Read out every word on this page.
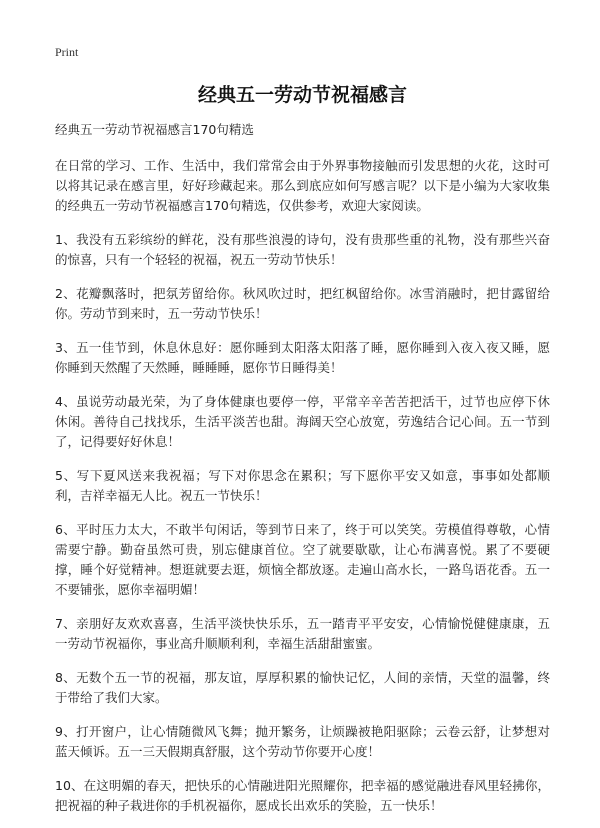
Print
经典五一劳动节祝福感言

经典五一劳动节祝福感言170句精选

在日常的学习、工作、生活中，我们常常会由于外界事物接触而引发思想的火花，这时可以将其记录在感言里，好好珍藏起来。那么到底应如何写感言呢？以下是小编为大家收集的经典五一劳动节祝福感言170句精选，仅供参考，欢迎大家阅读。

1、我没有五彩缤纷的鲜花，没有那些浪漫的诗句，没有贵那些重的礼物，没有那些兴奋的惊喜，只有一个轻轻的祝福，祝五一劳动节快乐！

2、花瓣飘落时，把氛芳留给你。秋风吹过时，把红枫留给你。冰雪消融时，把甘露留给你。劳动节到来时，五一劳动节快乐！

3、五一佳节到，休息休息好：愿你睡到太阳落太阳落了睡，愿你睡到入夜入夜又睡，愿你睡到天然醒了天然睡，睡睡睡，愿你节日睡得美！

4、虽说劳动最光荣，为了身体健康也要停一停，平常辛辛苦苦把活干，过节也应停下休休闲。善待自己找找乐，生活平淡苦也甜。海阔天空心放宽，劳逸结合记心间。五一节到了，记得要好好休息！

5、写下夏风送来我祝福；写下对你思念在累积；写下愿你平安又如意，事事如处都顺利，吉祥幸福无人比。祝五一节快乐！

6、平时压力太大，不敢半句闲话，等到节日来了，终于可以笑笑。劳模值得尊敬，心情需要宁静。勤奋虽然可贵，别忘健康首位。空了就要歇歇，让心布满喜悦。累了不要硬撑，睡个好觉精神。想逛就要去逛，烦恼全都放逐。走遍山高水长，一路鸟语花香。五一不要铺张，愿你幸福明媚！

7、亲朋好友欢欢喜喜，生活平淡快快乐乐，五一踏青平平安安，心情愉悦健健康康，五一劳动节祝福你，事业高升顺顺利利，幸福生活甜甜蜜蜜。

8、无数个五一节的祝福，那友谊，厚厚积累的愉快记忆，人间的亲情，天堂的温馨，终于带给了我们大家。

9、打开窗户，让心情随微风飞舞；抛开繁务，让烦躁被艳阳驱除；云卷云舒，让梦想对蓝天倾诉。五一三天假期真舒服，这个劳动节你要开心度！

10、在这明媚的春天，把快乐的心情融进阳光照耀你，把幸福的感觉融进春风里轻拂你，把祝福的种子栽进你的手机祝福你，愿成长出欢乐的笑脸，五一快乐！
